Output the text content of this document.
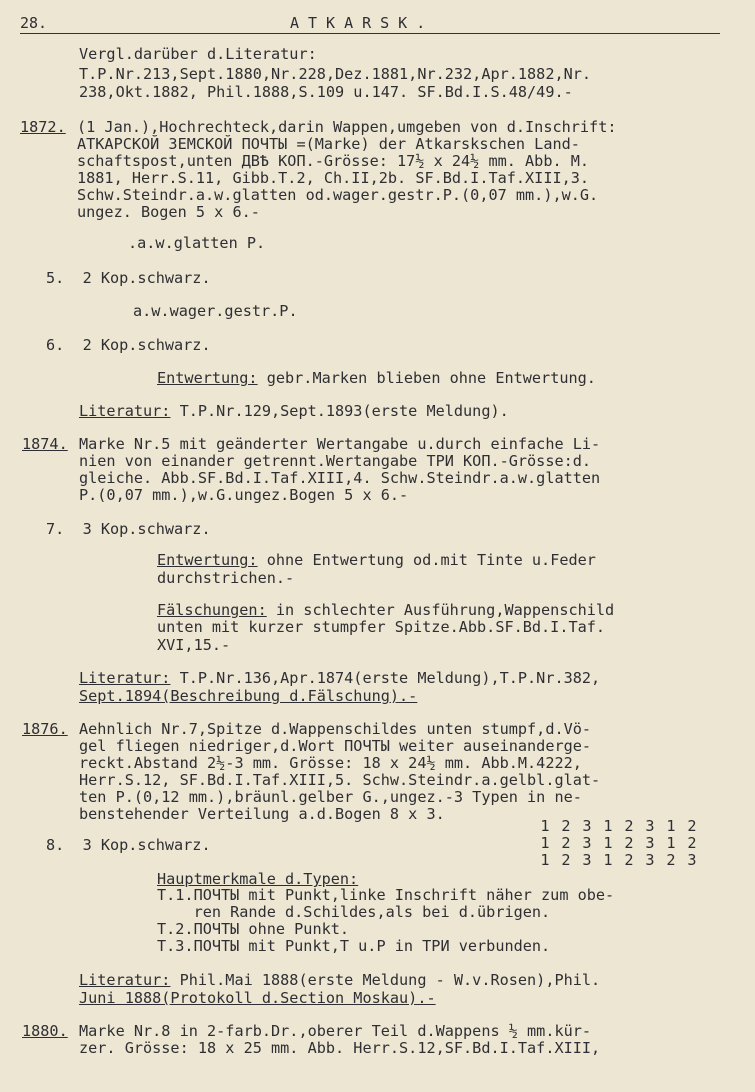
28.	ATKARSK.
Vergl.darüber d.Literatur:
T.P.Nr.213,Sept.1880,Nr.228,Dez.1881,Nr.232,Apr.1882,Nr.
238,Okt.1882, Phil.1888,S.109 u.147. SF.Bd.I.S.48/49.-
1872. (1 Jan.),Hochrechteck,darin Wappen,umgeben von d.Inschrift:
АТКАРСКОЙ ЗЕМСКОЙ ПОЧТЫ =(Marke) der Atkarskschen Land-
schaftspost,unten ДВѢ КОП.-Grösse: 17½ x 24½ mm. Abb. M.
1881, Herr.S.11, Gibb.T.2, Ch.II,2b. SF.Bd.I.Taf.XIII,3.
Schw.Steindr.a.w.glatten od.wager.gestr.P.(0,07 mm.),w.G.
ungez. Bogen 5 x 6.-
.a.w.glatten P.
5.  2 Kop.schwarz.
a.w.wager.gestr.P.
6.  2 Kop.schwarz.
Entwertung: gebr.Marken blieben ohne Entwertung.
Literatur: T.P.Nr.129,Sept.1893(erste Meldung).
1874. Marke Nr.5 mit geänderter Wertangabe u.durch einfache Li-
nien von einander getrennt.Wertangabe ТРИ КОП.-Grösse:d.
gleiche. Abb.SF.Bd.I.Taf.XIII,4. Schw.Steindr.a.w.glatten
P.(0,07 mm.),w.G.ungez.Bogen 5 x 6.-
7.  3 Kop.schwarz.
Entwertung: ohne Entwertung od.mit Tinte u.Feder
durchstrichen.-
Fälschungen: in schlechter Ausführung,Wappenschild
unten mit kurzer stumpfer Spitze.Abb.SF.Bd.I.Taf.
XVI,15.-
Literatur: T.P.Nr.136,Apr.1874(erste Meldung),T.P.Nr.382,
Sept.1894(Beschreibung d.Fälschung).-
1876. Aehnlich Nr.7,Spitze d.Wappenschildes unten stumpf,d.Vö-
gel fliegen niedriger,d.Wort ПОЧТЫ weiter auseinanderge-
reckt.Abstand 2½-3 mm. Grösse: 18 x 24½ mm. Abb.M.4222,
Herr.S.12, SF.Bd.I.Taf.XIII,5. Schw.Steindr.a.gelbl.glat-
ten P.(0,12 mm.),bräunl.gelber G.,ungez.-3 Typen in ne-
benstehender Verteilung a.d.Bogen 8 x 3.
1 2 3 1 2 3 1 2
1 2 3 1 2 3 1 2
1 2 3 1 2 3 2 3
8.  3 Kop.schwarz.
Hauptmerkmale d.Typen:
T.1.ПОЧТЫ mit Punkt,linke Inschrift näher zum obe-
ren Rande d.Schildes,als bei d.übrigen.
T.2.ПОЧТЫ ohne Punkt.
T.3.ПОЧТЫ mit Punkt,Т u.Р in ТРИ verbunden.
Literatur: Phil.Mai 1888(erste Meldung - W.v.Rosen),Phil.
Juni 1888(Protokoll d.Section Moskau).-
1880. Marke Nr.8 in 2-farb.Dr.,oberer Teil d.Wappens ½ mm.kür-
zer. Grösse: 18 x 25 mm. Abb. Herr.S.12,SF.Bd.I.Taf.XIII,
